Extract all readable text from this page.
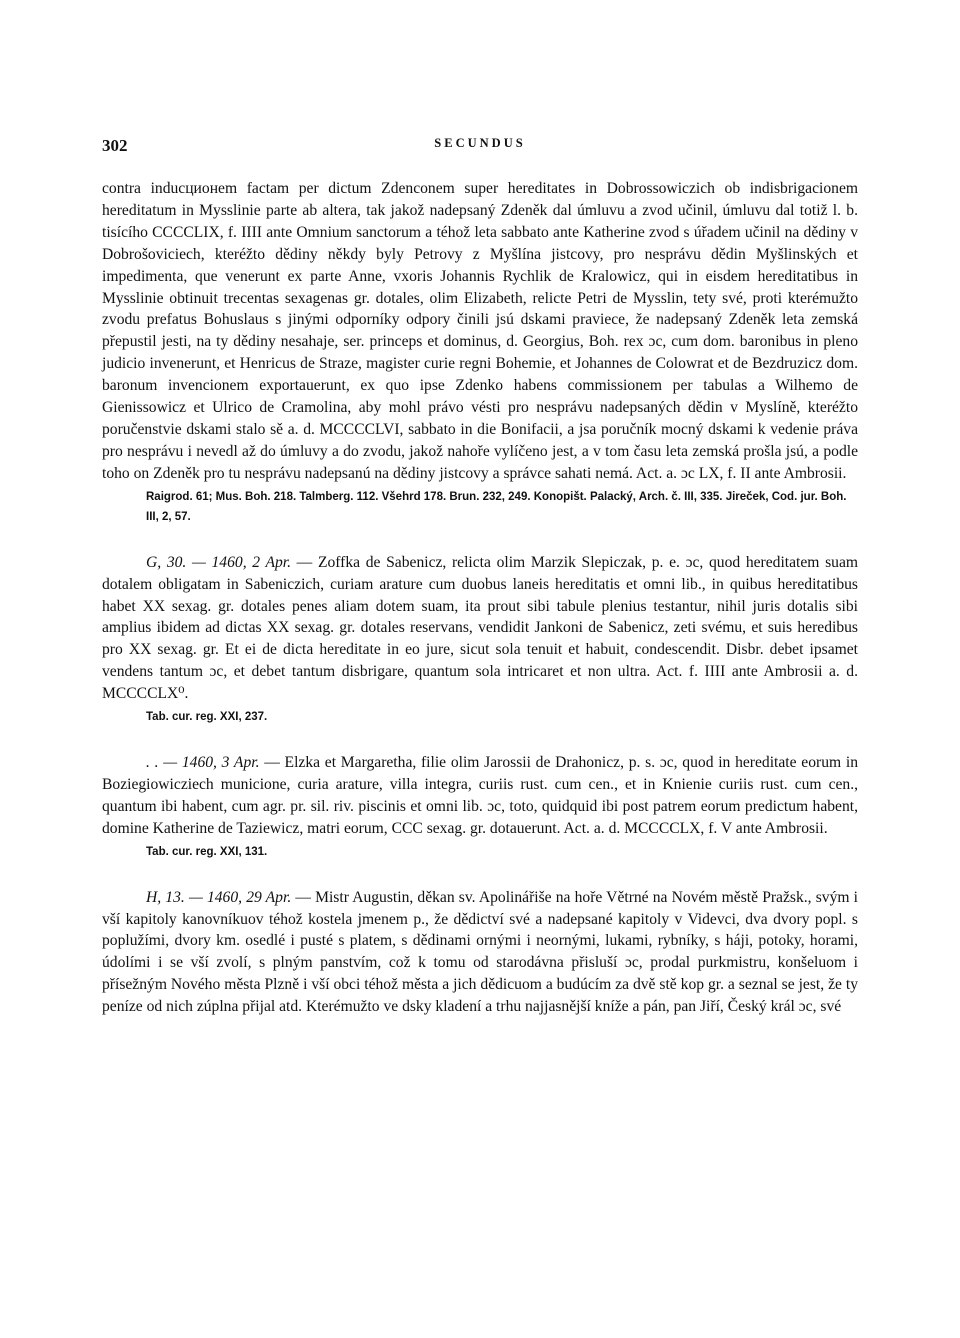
302	SECUNDUS

contra inducционem factam per dictum Zdenconem super hereditates in Dobrossowiczich ob indisbrigacionem hereditatum in Mysslinie parte ab altera, tak jakož nadepsaný Zdeněk dal úmluvu a zvod učinil, úmluvu dal totiž l. b. tisícího CCCCLIX, f. IIII ante Omnium sanctorum a téhož leta sabbato ante Katherine zvod s úřadem učinil na dědiny v Dobrošoviciech, kteréžto dědiny někdy byly Petrovy z Myšlína jistcovy, pro nesprávu dědin Myšlinských et impedimenta, que venerunt ex parte Anne, vxoris Johannis Rychlik de Kralowicz, qui in eisdem hereditatibus in Mysslinie obtinuit trecentas sexagenas gr. dotales, olim Elizabeth, relicte Petri de Mysslin, tety své, proti kterémužto zvodu prefatus Bohuslaus s jinými odporníky odpory činili jsú dskami praviece, že nadepsaný Zdeněk leta zemská přepustil jesti, na ty dědiny nesahaje, ser. princeps et dominus, d. Georgius, Boh. rex ɔc, cum dom. baronibus in pleno judicio invenerunt, et Henricus de Straze, magister curie regni Bohemie, et Johannes de Colowrat et de Bezdruzicz dom. baronum invencionem exportauerunt, ex quo ipse Zdenko habens commissionem per tabulas a Wilhemo de Gienissowicz et Ulrico de Cramolina, aby mohl právo vésti pro nesprávu nadepsaných dědin v Myslíně, kteréžto poručenstvie dskami stalo sě a. d. MCCCCLVI, sabbato in die Bonifacii, a jsa poručník mocný dskami k vedenie práva pro nesprávu i nevedl až do úmluvy a do zvodu, jakož nahoře vylíčeno jest, a v tom času leta zemská prošla jsú, a podle toho on Zdeněk pro tu nesprávu nadepsanú na dědiny jistcovy a správce sahati nemá. Act. a. ɔc LX, f. II ante Ambrosii.

Raigrod. 61; Mus. Boh. 218. Talmberg. 112. Všehrd 178. Brun. 232, 249. Konopišt. Palacký, Arch. č. III, 335. Jireček, Cod. jur. Boh. III, 2, 57.

G, 30. — 1460, 2 Apr. — Zoffka de Sabenicz, relicta olim Marzik Slepiczak, p. e. ɔc, quod hereditatem suam dotalem obligatam in Sabeniczich, curiam arature cum duobus laneis hereditatis et omni lib., in quibus hereditatibus habet XX sexag. gr. dotales penes aliam dotem suam, ita prout sibi tabule plenius testantur, nihil juris dotalis sibi amplius ibidem ad dictas XX sexag. gr. dotales reservans, vendidit Jankoni de Sabenicz, zeti svému, et suis heredibus pro XX sexag. gr. Et ei de dicta hereditate in eo jure, sicut sola tenuit et habuit, condescendit. Disbr. debet ipsamet vendens tantum ɔc, et debet tantum disbrigare, quantum sola intricaret et non ultra. Act. f. IIII ante Ambrosii a. d. MCCCCLX⁰.

Tab. cur. reg. XXI, 237.

. . — 1460, 3 Apr. — Elzka et Margaretha, filie olim Jarossii de Drahonicz, p. s. ɔc, quod in hereditate eorum in Boziegiowicziech municione, curia arature, villa integra, curiis rust. cum cen., et in Knienie curiis rust. cum cen., quantum ibi habent, cum agr. pr. sil. riv. piscinis et omni lib. ɔc, toto, quidquid ibi post patrem eorum predictum habent, domine Katherine de Taziewicz, matri eorum, CCC sexag. gr. dotauerunt. Act. a. d. MCCCCLX, f. V ante Ambrosii.

Tab. cur. reg. XXI, 131.

H, 13. — 1460, 29 Apr. — Mistr Augustin, děkan sv. Apolinářiše na hoře Větrné na Novém městě Pražsk., svým i vší kapitoly kanovníkuov téhož kostela jmenem p., že dědictví své a nadepsané kapitoly v Videvci, dva dvory popl. s poplužími, dvory km. osedlé i pusté s platem, s dědinami ornými i neornými, lukami, rybníky, s háji, potoky, horami, údolími i se vší zvolí, s plným panstvím, což k tomu od starodávna přisluší ɔc, prodal purkmistru, konšeluom i přísežným Nového města Plzně i vší obci téhož města a jich dědicuom a budúcím za dvě stě kop gr. a seznal se jest, že ty peníze od nich zúplna přijal atd. Kterémužto ve dsky kladení a trhu najjasnější kníže a pán, pan Jiří, Český král ɔc, své
